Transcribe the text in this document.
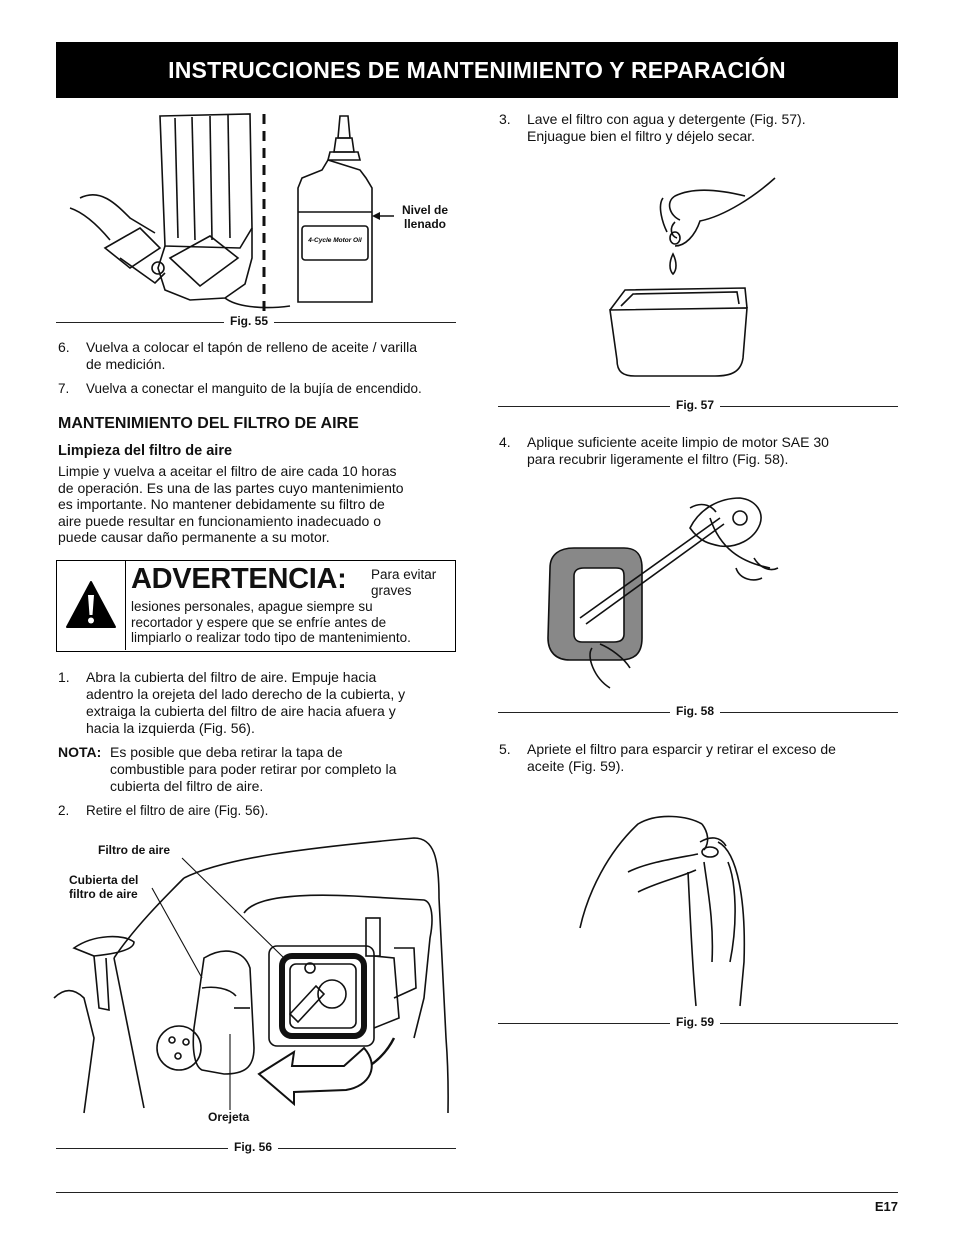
INSTRUCCIONES DE MANTENIMIENTO Y REPARACIÓN
4-Cycle Motor Oil
Nivel de
llenado
Fig. 55
6. Vuelva a colocar el tapón de relleno de aceite / varilla
de medición.
7. Vuelva a conectar el manguito de la bujía de encendido.
MANTENIMIENTO DEL FILTRO DE AIRE
Limpieza del filtro de aire
Limpie y vuelva a aceitar el filtro de aire cada 10 horas
de operación. Es una de las partes cuyo mantenimiento
es importante. No mantener debidamente su filtro de
aire puede resultar en funcionamiento inadecuado o
puede causar daño permanente a su motor.
ADVERTENCIA: Para evitar
graves
lesiones personales, apague siempre su
recortador y espere que se enfríe antes de
limpiarlo o realizar todo tipo de mantenimiento.
1. Abra la cubierta del filtro de aire. Empuje hacia
adentro la orejeta del lado derecho de la cubierta, y
extraiga la cubierta del filtro de aire hacia afuera y
hacia la izquierda (Fig. 56).
NOTA: Es posible que deba retirar la tapa de
combustible para poder retirar por completo la
cubierta del filtro de aire.
2. Retire el filtro de aire (Fig. 56).
Filtro de aire
Cubierta del
filtro de aire
Orejeta
Fig. 56
3. Lave el filtro con agua y detergente (Fig. 57).
Enjuague bien el filtro y déjelo secar.
Fig. 57
4. Aplique suficiente aceite limpio de motor SAE 30
para recubrir ligeramente el filtro (Fig. 58).
Fig. 58
5. Apriete el filtro para esparcir y retirar el exceso de
aceite (Fig. 59).
Fig. 59
E17
